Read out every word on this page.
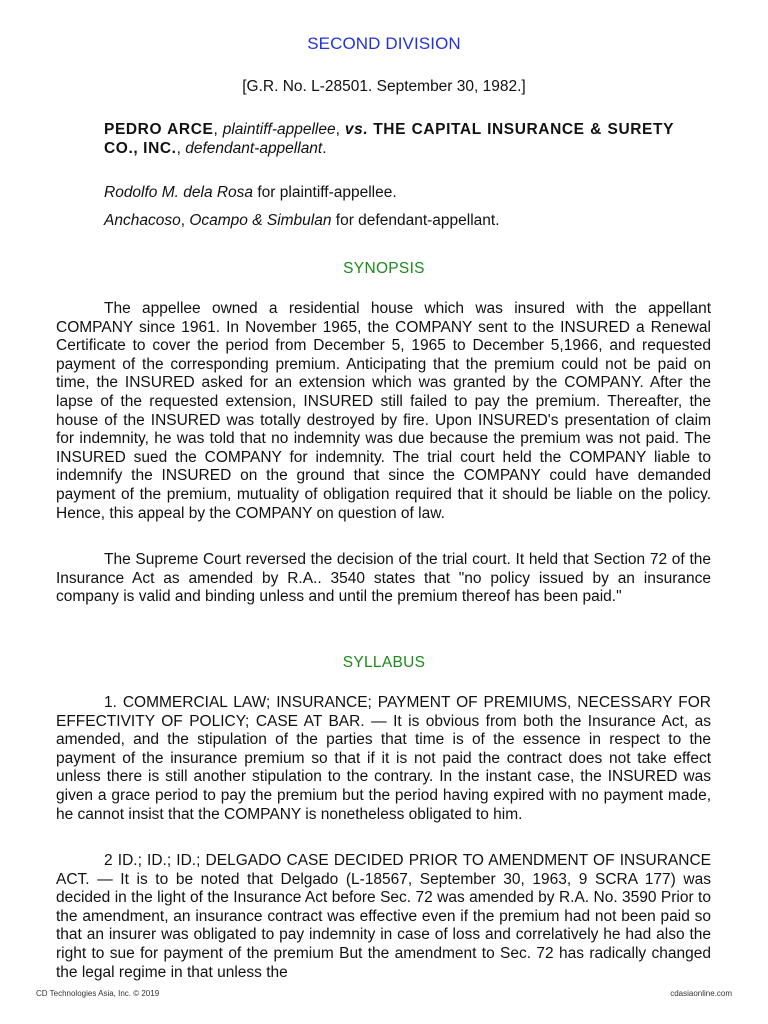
SECOND DIVISION
[G.R. No. L-28501. September 30, 1982.]
PEDRO ARCE, plaintiff-appellee, vs. THE CAPITAL INSURANCE & SURETY CO., INC., defendant-appellant.
Rodolfo M. dela Rosa for plaintiff-appellee.
Anchacoso, Ocampo & Simbulan for defendant-appellant.
SYNOPSIS
The appellee owned a residential house which was insured with the appellant COMPANY since 1961. In November 1965, the COMPANY sent to the INSURED a Renewal Certificate to cover the period from December 5, 1965 to December 5,1966, and requested payment of the corresponding premium. Anticipating that the premium could not be paid on time, the INSURED asked for an extension which was granted by the COMPANY. After the lapse of the requested extension, INSURED still failed to pay the premium. Thereafter, the house of the INSURED was totally destroyed by fire. Upon INSURED's presentation of claim for indemnity, he was told that no indemnity was due because the premium was not paid. The INSURED sued the COMPANY for indemnity. The trial court held the COMPANY liable to indemnify the INSURED on the ground that since the COMPANY could have demanded payment of the premium, mutuality of obligation required that it should be liable on the policy. Hence, this appeal by the COMPANY on question of law.
The Supreme Court reversed the decision of the trial court. It held that Section 72 of the Insurance Act as amended by R.A.. 3540 states that "no policy issued by an insurance company is valid and binding unless and until the premium thereof has been paid."
SYLLABUS
1. COMMERCIAL LAW; INSURANCE; PAYMENT OF PREMIUMS, NECESSARY FOR EFFECTIVITY OF POLICY; CASE AT BAR. — It is obvious from both the Insurance Act, as amended, and the stipulation of the parties that time is of the essence in respect to the payment of the insurance premium so that if it is not paid the contract does not take effect unless there is still another stipulation to the contrary. In the instant case, the INSURED was given a grace period to pay the premium but the period having expired with no payment made, he cannot insist that the COMPANY is nonetheless obligated to him.
2 ID.; ID.; ID.; DELGADO CASE DECIDED PRIOR TO AMENDMENT OF INSURANCE ACT. — It is to be noted that Delgado (L-18567, September 30, 1963, 9 SCRA 177) was decided in the light of the Insurance Act before Sec. 72 was amended by R.A. No. 3590 Prior to the amendment, an insurance contract was effective even if the premium had not been paid so that an insurer was obligated to pay indemnity in case of loss and correlatively he had also the right to sue for payment of the premium But the amendment to Sec. 72 has radically changed the legal regime in that unless the
CD Technologies Asia, Inc. © 2019	cdasiaonline.com
